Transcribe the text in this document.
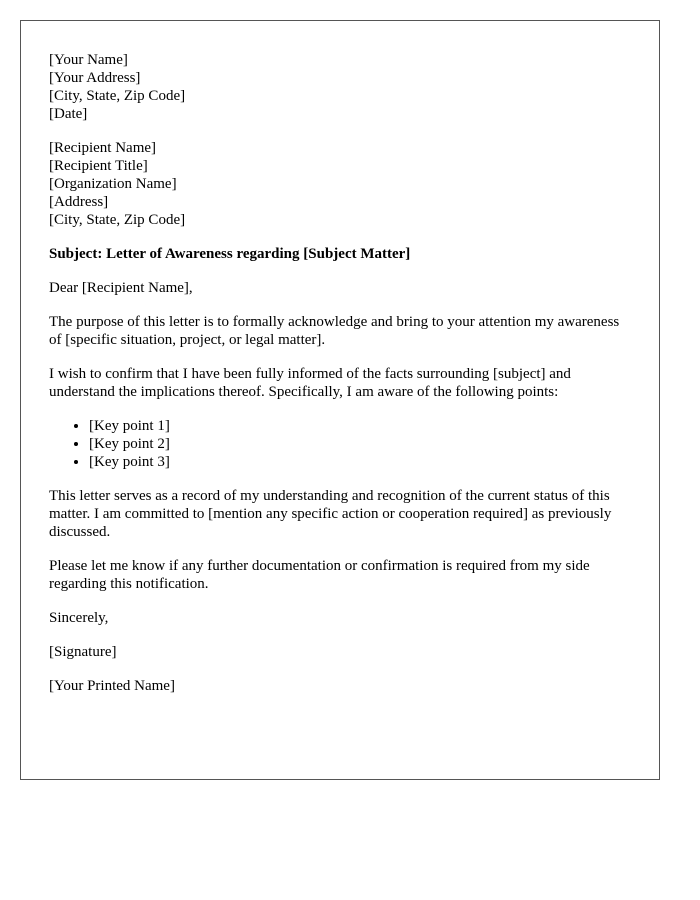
[Your Name]

[Your Address]

[City, State, Zip Code]

[Date]

[Recipient Name]

[Recipient Title]

[Organization Name]

[Address]

[City, State, Zip Code]

Subject: Letter of Awareness regarding [Subject Matter]

Dear [Recipient Name],

The purpose of this letter is to formally acknowledge and bring to your attention my awareness of [specific situation, project, or legal matter].

I wish to confirm that I have been fully informed of the facts surrounding [subject] and understand the implications thereof. Specifically, I am aware of the following points:

• [Key point 1]
• [Key point 2]
• [Key point 3]

This letter serves as a record of my understanding and recognition of the current status of this matter. I am committed to [mention any specific action or cooperation required] as previously discussed.

Please let me know if any further documentation or confirmation is required from my side regarding this notification.

Sincerely,

[Signature]

[Your Printed Name]
